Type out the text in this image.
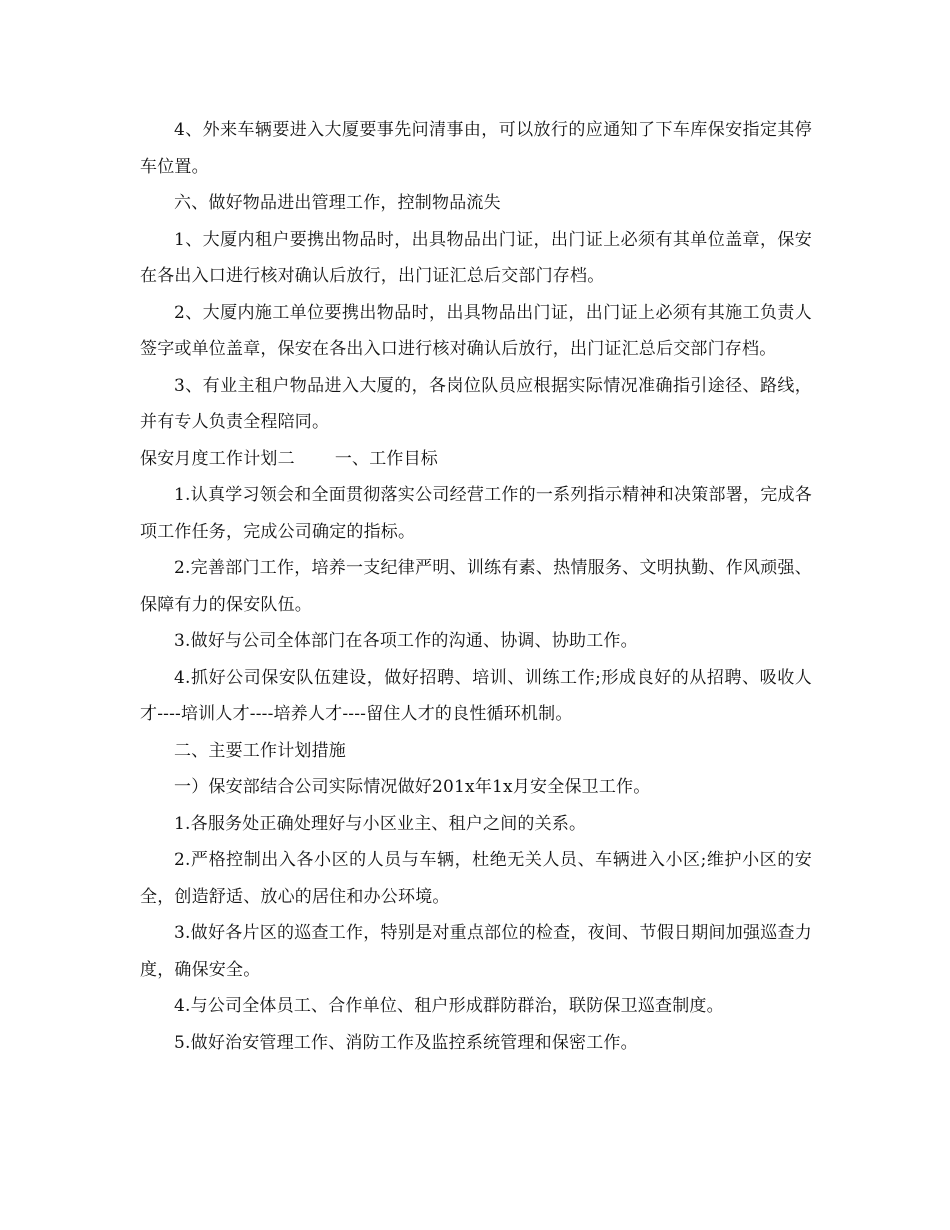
4、外来车辆要进入大厦要事先问清事由，可以放行的应通知了下车库保安指定其停车位置。

六、做好物品进出管理工作，控制物品流失

1、大厦内租户要携出物品时，出具物品出门证，出门证上必须有其单位盖章，保安在各出入口进行核对确认后放行，出门证汇总后交部门存档。

2、大厦内施工单位要携出物品时，出具物品出门证，出门证上必须有其施工负责人签字或单位盖章，保安在各出入口进行核对确认后放行，出门证汇总后交部门存档。

3、有业主租户物品进入大厦的，各岗位队员应根据实际情况准确指引途径、路线，并有专人负责全程陪同。

保安月度工作计划二 一、工作目标

1.认真学习领会和全面贯彻落实公司经营工作的一系列指示精神和决策部署，完成各项工作任务，完成公司确定的指标。

2.完善部门工作，培养一支纪律严明、训练有素、热情服务、文明执勤、作风顽强、保障有力的保安队伍。

3.做好与公司全体部门在各项工作的沟通、协调、协助工作。

4.抓好公司保安队伍建设，做好招聘、培训、训练工作;形成良好的从招聘、吸收人才----培训人才----培养人才----留住人才的良性循环机制。

二、主要工作计划措施

一）保安部结合公司实际情况做好201x年1x月安全保卫工作。

1.各服务处正确处理好与小区业主、租户之间的关系。

2.严格控制出入各小区的人员与车辆，杜绝无关人员、车辆进入小区;维护小区的安全，创造舒适、放心的居住和办公环境。

3.做好各片区的巡查工作，特别是对重点部位的检查，夜间、节假日期间加强巡查力度，确保安全。

4.与公司全体员工、合作单位、租户形成群防群治，联防保卫巡查制度。

5.做好治安管理工作、消防工作及监控系统管理和保密工作。
